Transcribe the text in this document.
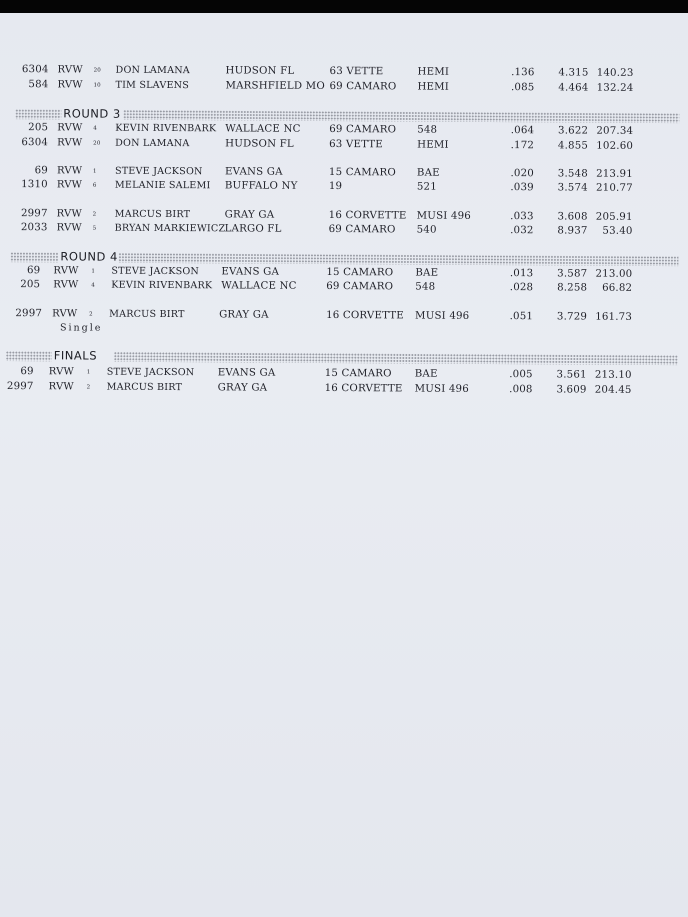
6304 RVW 20 DON LAMANA	HUDSON FL	63 VETTE	HEMI	.136	4.315 140.23
584 RVW 10 TIM SLAVENS	MARSHFIELD MO 69 CAMARO HEMI	.085	4.464 132.24
ROUND 3
205 RVW 4 KEVIN RIVENBARK WALLACE NC	69 CAMARO 548	.064	3.622 207.34
6304 RVW 20 DON LAMANA	HUDSON FL	63 VETTE	HEMI	.172	4.855 102.60
69 RVW 1 STEVE JACKSON EVANS GA	15 CAMARO BAE	.020	3.548 213.91
1310 RVW 6 MELANIE SALEMI BUFFALO NY	19	521	.039	3.574 210.77
2997 RVW 2 MARCUS BIRT	GRAY GA	16 CORVETTE MUSI 496	.033	3.608 205.91
2033 RVW 5 BRYAN MARKIEWICZ LARGO FL	69 CAMARO 540	.032	8.937	53.40
ROUND 4
69 RVW 1 STEVE JACKSON EVANS GA	15 CAMARO BAE	.013	3.587 213.00
205 RVW 4 KEVIN RIVENBARK WALLACE NC	69 CAMARO 548	.028	8.258	66.82
2997 RVW 2 MARCUS BIRT	GRAY GA	16 CORVETTE MUSI 496	.051	3.729 161.73
Single
FINALS
69 RVW 1 STEVE JACKSON EVANS GA	15 CAMARO BAE	.005	3.561 213.10
2997 RVW 2 MARCUS BIRT	GRAY GA	16 CORVETTE MUSI 496	.008	3.609 204.45
